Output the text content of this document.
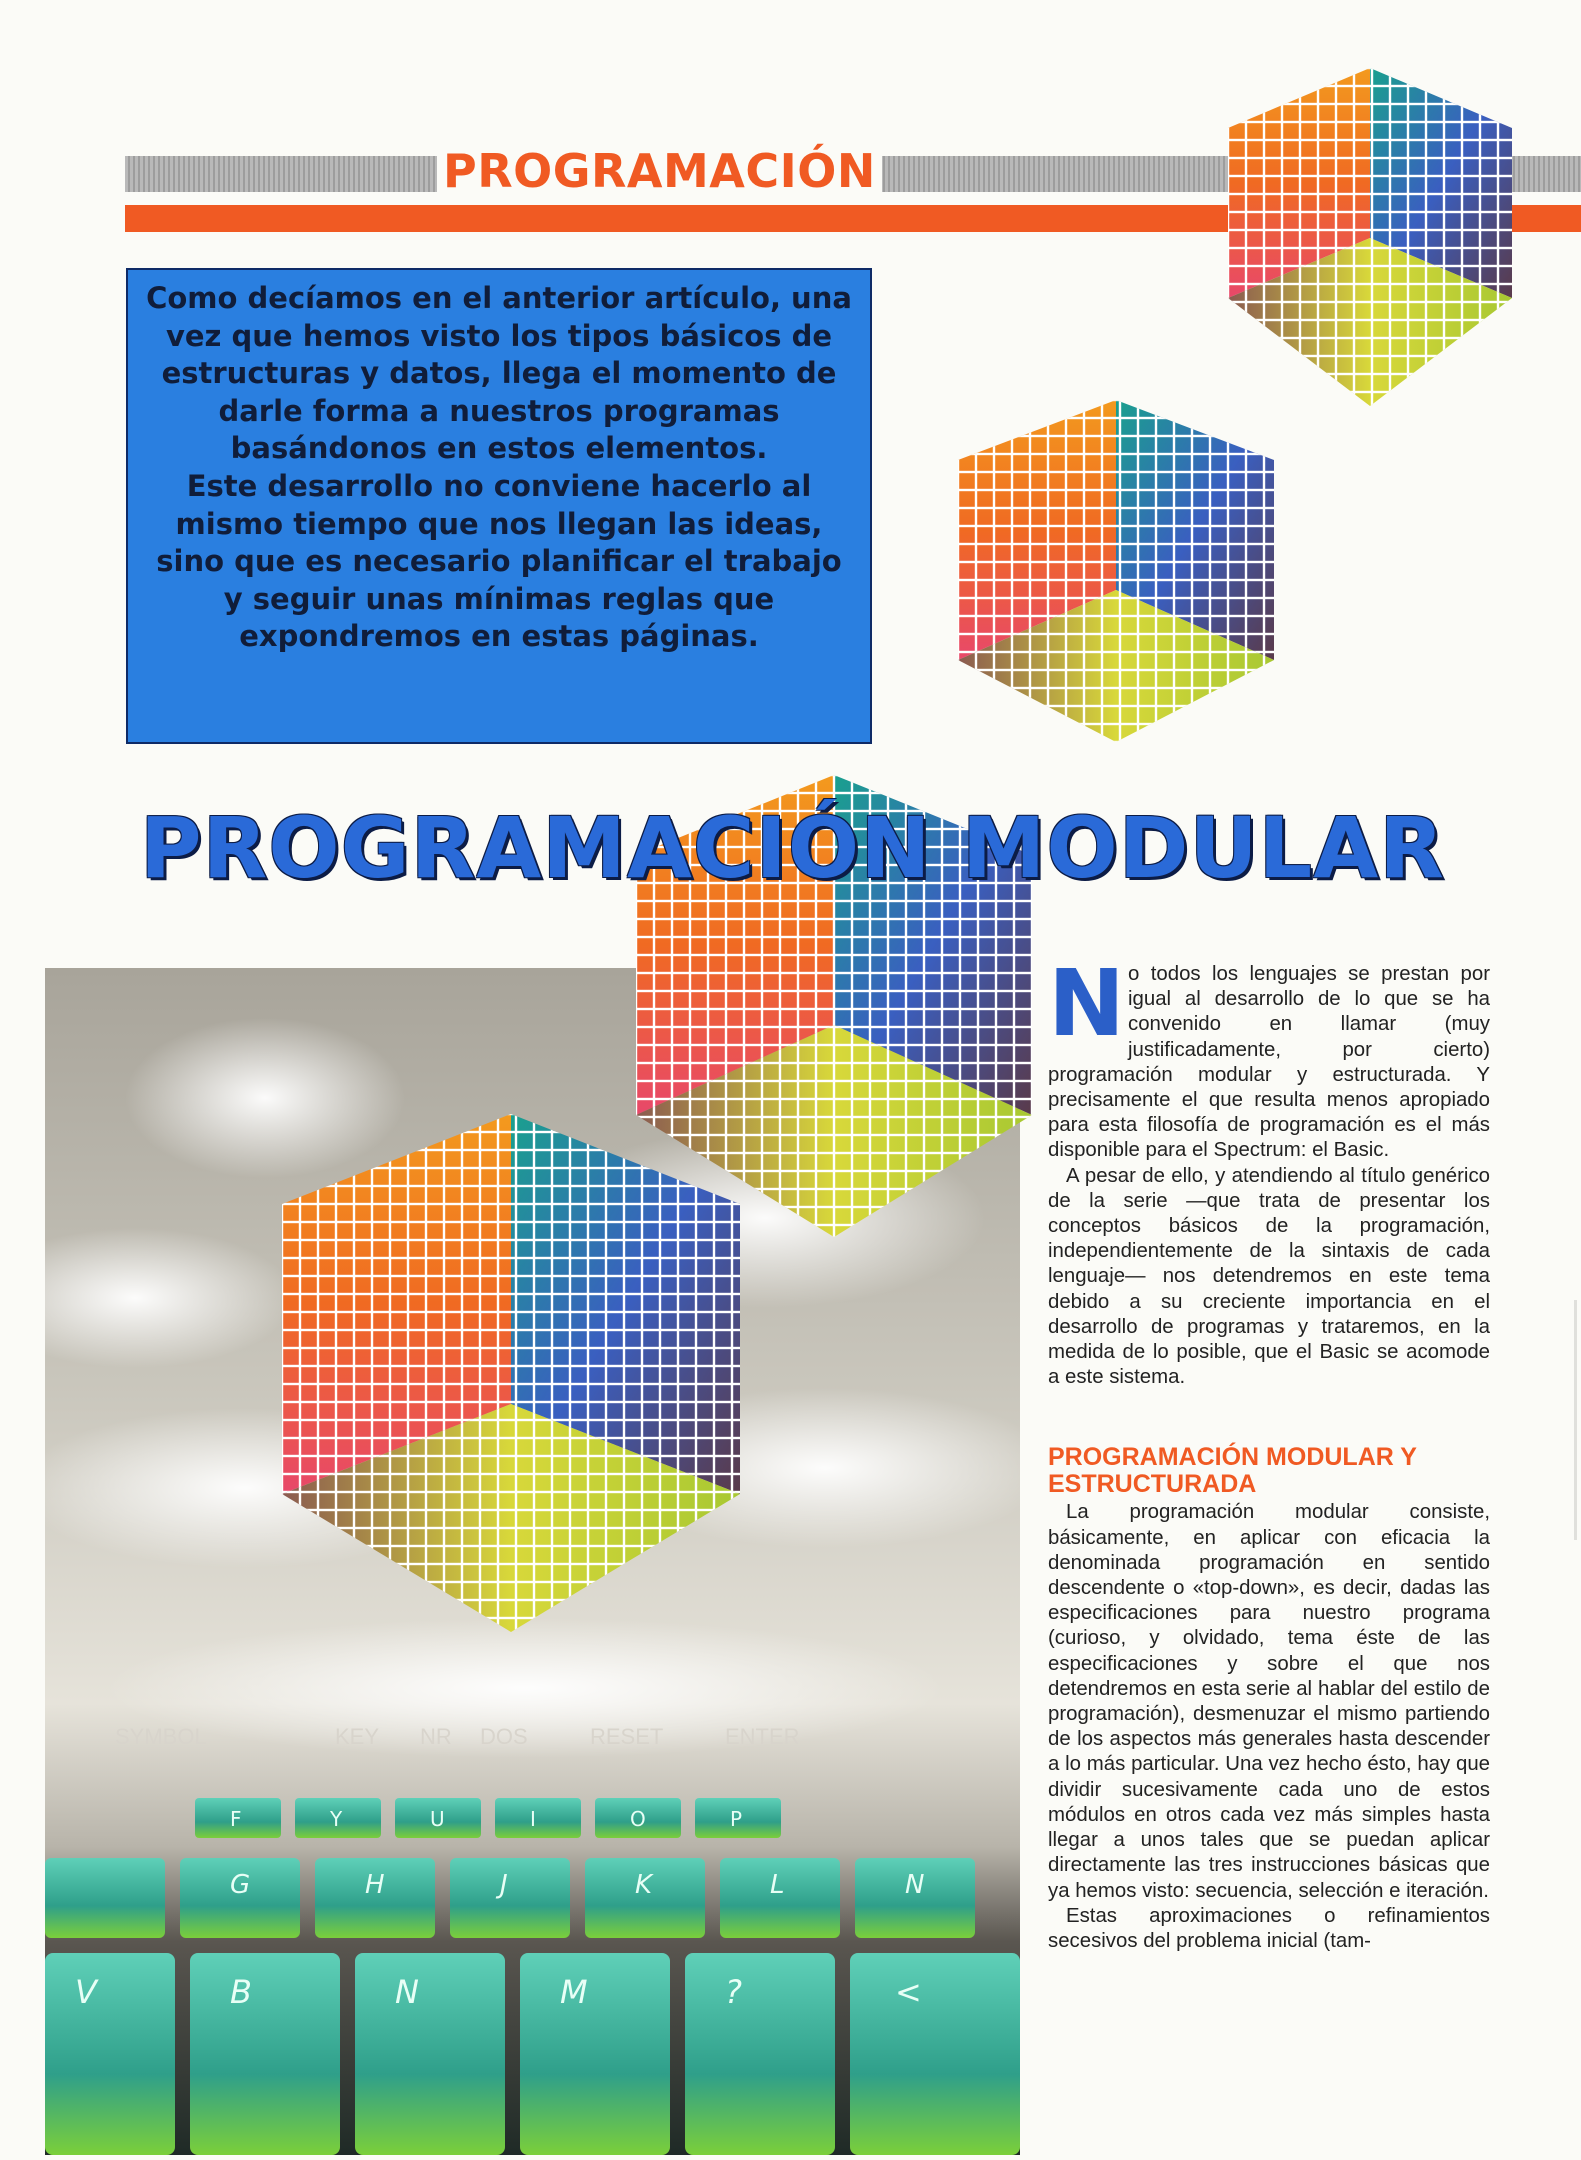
PROGRAMACIÓN

Como decíamos en el anterior artículo, una vez que hemos visto los tipos básicos de estructuras y datos, llega el momento de darle forma a nuestros programas basándonos en estos elementos.

Este desarrollo no conviene hacerlo al mismo tiempo que nos llegan las ideas, sino que es necesario planificar el trabajo y seguir unas mínimas reglas que expondremos en estas páginas.

SYMBOL	KEY NR DOS	RESET	ENTER
F	Y	U	I	O	P
G	H	J	K	L	N
V	B	N	M	?	<
PROGRAMACIÓN MODULAR

No todos los lenguajes se prestan por igual al desarrollo de lo que se ha convenido en llamar (muy justificadamente, por cierto) programación modular y estructurada. Y precisamente el que resulta menos apropiado para esta filosofía de programación es el más disponible para el Spectrum: el Basic.

A pesar de ello, y atendiendo al título genérico de la serie —que trata de presentar los conceptos básicos de la programación, independientemente de la sintaxis de cada lenguaje— nos detendremos en este tema debido a su creciente importancia en el desarrollo de programas y trataremos, en la medida de lo posible, que el Basic se acomode a este sistema.

PROGRAMACIÓN MODULAR Y ESTRUCTURADA

La programación modular consiste, básicamente, en aplicar con eficacia la denominada programación en sentido descendente o «top-down», es decir, dadas las especificaciones para nuestro programa (curioso, y olvidado, tema éste de las especificaciones y sobre el que nos detendremos en esta serie al hablar del estilo de programación), desmenuzar el mismo partiendo de los aspectos más generales hasta descender a lo más particular. Una vez hecho ésto, hay que dividir sucesivamente cada uno de estos módulos en otros cada vez más simples hasta llegar a unos tales que se puedan aplicar directamente las tres instrucciones básicas que ya hemos visto: secuencia, selección e iteración.

Estas aproximaciones o refinamientos secesivos del problema inicial (tam-
